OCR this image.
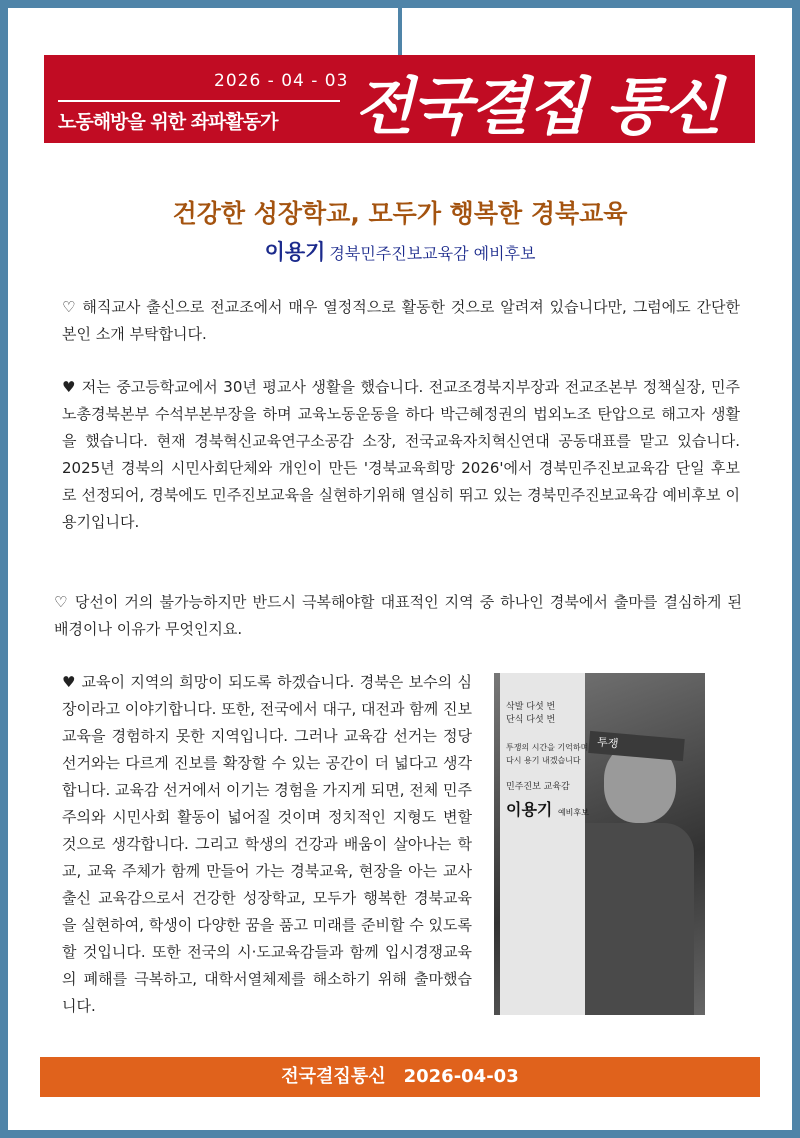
2026 - 04 - 03
노동해방을 위한 좌파활동가 전국결집 통신
건강한 성장학교, 모두가 행복한 경북교육
이용기 경북민주진보교육감 예비후보
♡ 해직교사 출신으로 전교조에서 매우 열정적으로 활동한 것으로 알려져 있습니다만, 그럼에도 간단한 본인 소개 부탁합니다.
♥ 저는 중고등학교에서 30년 평교사 생활을 했습니다. 전교조경북지부장과 전교조본부 정책실장, 민주노총경북본부 수석부본부장을 하며 교육노동운동을 하다 박근혜정권의 법외노조 탄압으로 해고자 생활을 했습니다. 현재 경북혁신교육연구소공감 소장, 전국교육자치혁신연대 공동대표를 맡고 있습니다. 2025년 경북의 시민사회단체와 개인이 만든 '경북교육희망 2026'에서 경북민주진보교육감 단일 후보로 선정되어, 경북에도 민주진보교육을 실현하기위해 열심히 뛰고 있는 경북민주진보교육감 예비후보 이용기입니다.
♡ 당선이 거의 불가능하지만 반드시 극복해야할 대표적인 지역 중 하나인 경북에서 출마를 결심하게 된 배경이나 이유가 무엇인지요.
♥ 교육이 지역의 희망이 되도록 하겠습니다. 경북은 보수의 심장이라고 이야기합니다. 또한, 전국에서 대구, 대전과 함께 진보교육을 경험하지 못한 지역입니다. 그러나 교육감 선거는 정당 선거와는 다르게 진보를 확장할 수 있는 공간이 더 넓다고 생각합니다. 교육감 선거에서 이기는 경험을 가지게 되면, 전체 민주주의와 시민사회 활동이 넓어질 것이며 정치적인 지형도 변할 것으로 생각합니다. 그리고 학생의 건강과 배움이 살아나는 학교, 교육 주체가 함께 만들어 가는 경북교육, 현장을 아는 교사 출신 교육감으로서 건강한 성장학교, 모두가 행복한 경북교육을 실현하여, 학생이 다양한 꿈을 품고 미래를 준비할 수 있도록 할 것입니다. 또한 전국의 시·도교육감들과 함께 입시경쟁교육의 폐해를 극복하고, 대학서열체제를 해소하기 위해 출마했습니다.
투쟁
삭발 다섯 번
단식 다섯 번
투쟁의 시간을 기억하며
다시 용기 내겠습니다
민주진보 교육감
이용기 예비후보
전국결집통신 2026-04-03
